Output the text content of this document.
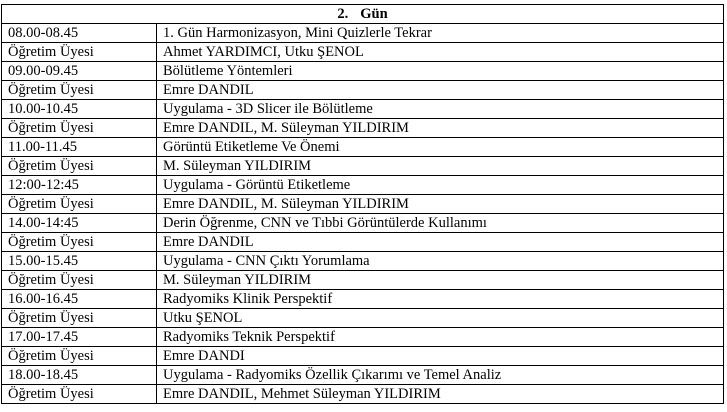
2. Gün	
08.00-08.45	1. Gün Harmonizasyon, Mini Quizlerle Tekrar
Öğretim Üyesi	Ahmet YARDIMCI, Utku ŞENOL
09.00-09.45	Bölütleme Yöntemleri
Öğretim Üyesi	Emre DANDIL
10.00-10.45	Uygulama - 3D Slicer ile Bölütleme
Öğretim Üyesi	Emre DANDIL, M. Süleyman YILDIRIM
11.00-11.45	Görüntü Etiketleme Ve Önemi
Öğretim Üyesi	M. Süleyman YILDIRIM
12:00-12:45	Uygulama - Görüntü Etiketleme
Öğretim Üyesi	Emre DANDIL, M. Süleyman YILDIRIM
14.00-14:45	Derin Öğrenme, CNN ve Tıbbi Görüntülerde Kullanımı
Öğretim Üyesi	Emre DANDIL
15.00-15.45	Uygulama - CNN Çıktı Yorumlama
Öğretim Üyesi	M. Süleyman YILDIRIM
16.00-16.45	Radyomiks Klinik Perspektif
Öğretim Üyesi	Utku ŞENOL
17.00-17.45	Radyomiks Teknik Perspektif
Öğretim Üyesi	Emre DANDI
18.00-18.45	Uygulama - Radyomiks Özellik Çıkarımı ve Temel Analiz
Öğretim Üyesi	Emre DANDIL, Mehmet Süleyman YILDIRIM
